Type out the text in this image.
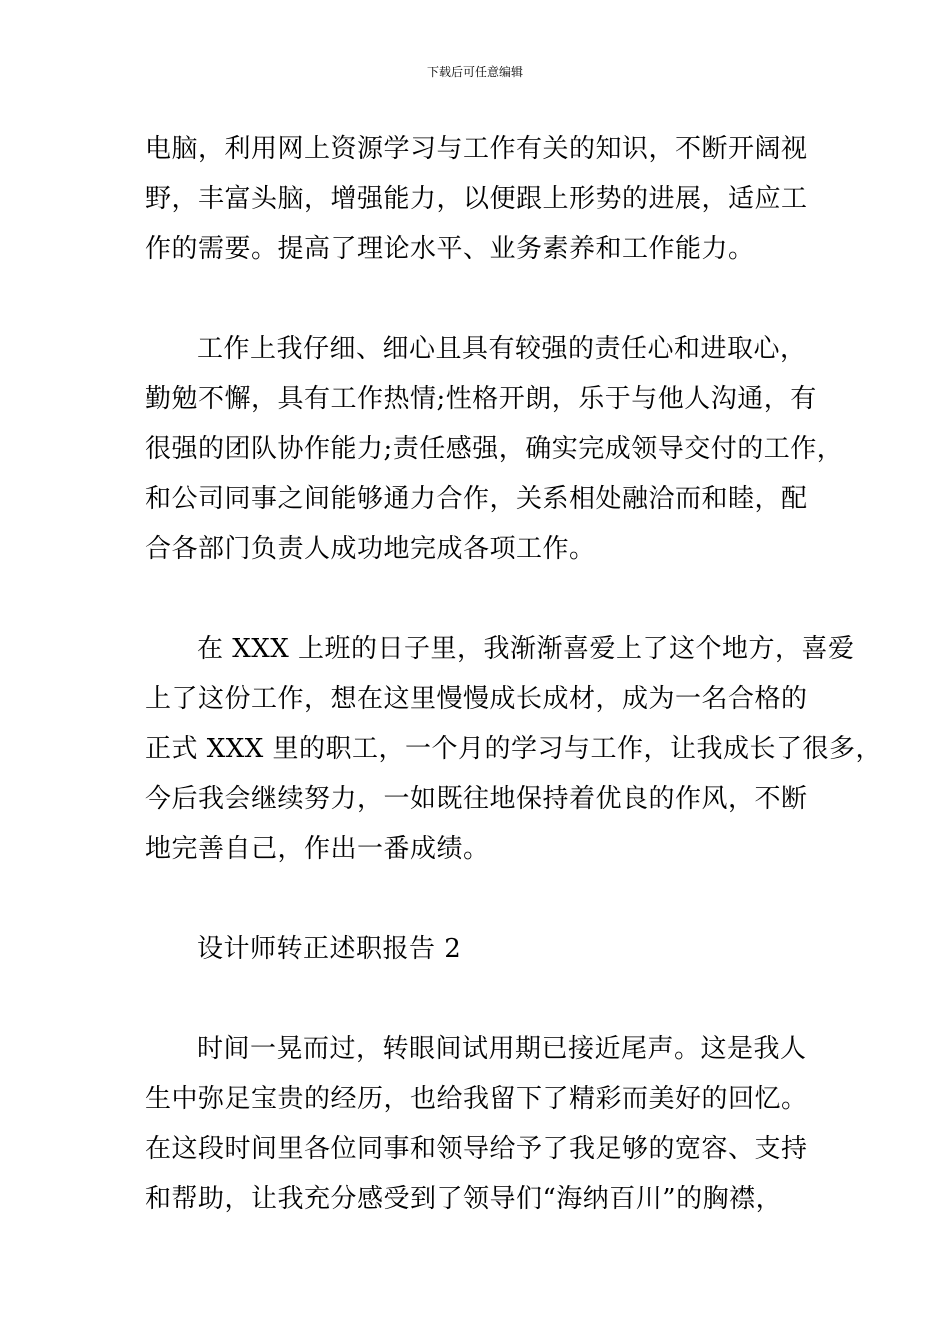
下载后可任意编辑
电脑，利用网上资源学习与工作有关的知识，不断开阔视
野，丰富头脑，增强能力，以便跟上形势的进展，适应工
作的需要。提高了理论水平、业务素养和工作能力。
工作上我仔细、细心且具有较强的责任心和进取心，
勤勉不懈，具有工作热情;性格开朗，乐于与他人沟通，有
很强的团队协作能力;责任感强，确实完成领导交付的工作，
和公司同事之间能够通力合作，关系相处融洽而和睦，配
合各部门负责人成功地完成各项工作。
在 XXX 上班的日子里，我渐渐喜爱上了这个地方，喜爱
上了这份工作，想在这里慢慢成长成材，成为一名合格的
正式 XXX 里的职工，一个月的学习与工作，让我成长了很多，
今后我会继续努力，一如既往地保持着优良的作风，不断
地完善自己，作出一番成绩。
设计师转正述职报告 2
时间一晃而过，转眼间试用期已接近尾声。这是我人
生中弥足宝贵的经历，也给我留下了精彩而美好的回忆。
在这段时间里各位同事和领导给予了我足够的宽容、支持
和帮助，让我充分感受到了领导们“海纳百川”的胸襟，
